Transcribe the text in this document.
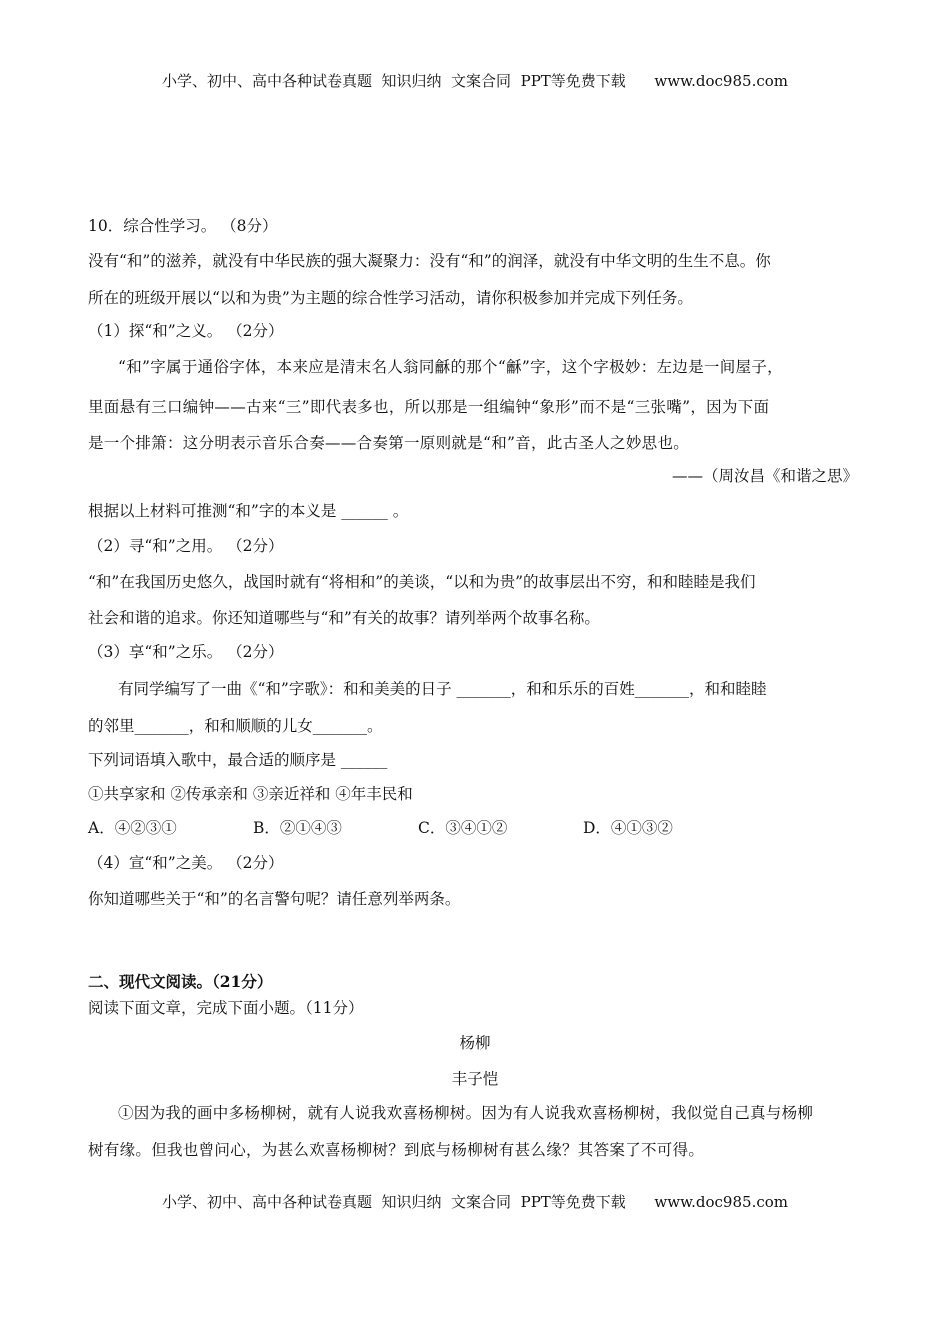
小学、初中、高中各种试卷真题  知识归纳  文案合同  PPT等免费下载      www.doc985.com
10．综合性学习。 （8分）
没有“和”的滋养，就没有中华民族的强大凝聚力：没有“和”的润泽，就没有中华文明的生生不息。你
所在的班级开展以“以和为贵”为主题的综合性学习活动，请你积极参加并完成下列任务。
（1）探“和”之义。 （2分）
“和”字属于通俗字体，本来应是清末名人翁同龢的那个“龢”字，这个字极妙：左边是一间屋子，
里面悬有三口编钟——古来“三”即代表多也，所以那是一组编钟“象形”而不是“三张嘴”，因为下面
是一个排箫：这分明表示音乐合奏——合奏第一原则就是“和”音，此古圣人之妙思也。
——（周汝昌《和谐之思》
根据以上材料可推测“和”字的本义是 ______ 。
（2）寻“和”之用。 （2分）
“和”在我国历史悠久，战国时就有“将相和”的美谈，“以和为贵”的故事层出不穷，和和睦睦是我们
社会和谐的追求。你还知道哪些与“和”有关的故事？请列举两个故事名称。
（3）享“和”之乐。 （2分）
有同学编写了一曲《“和”字歌》：和和美美的日子 _______，和和乐乐的百姓_______，和和睦睦
的邻里_______，和和顺顺的儿女_______。
下列词语填入歌中，最合适的顺序是 ______
①共享家和 ②传承亲和 ③亲近祥和 ④年丰民和
A．④②③①	B．②①④③	C．③④①②	D．④①③②
（4）宣“和”之美。 （2分）
你知道哪些关于“和”的名言警句呢？请任意列举两条。
二、现代文阅读。（21分）
阅读下面文章，完成下面小题。（11分）
杨柳
丰子恺
①因为我的画中多杨柳树，就有人说我欢喜杨柳树。因为有人说我欢喜杨柳树，我似觉自己真与杨柳
树有缘。但我也曾问心，为甚么欢喜杨柳树？到底与杨柳树有甚么缘？其答案了不可得。
小学、初中、高中各种试卷真题  知识归纳  文案合同  PPT等免费下载      www.doc985.com
